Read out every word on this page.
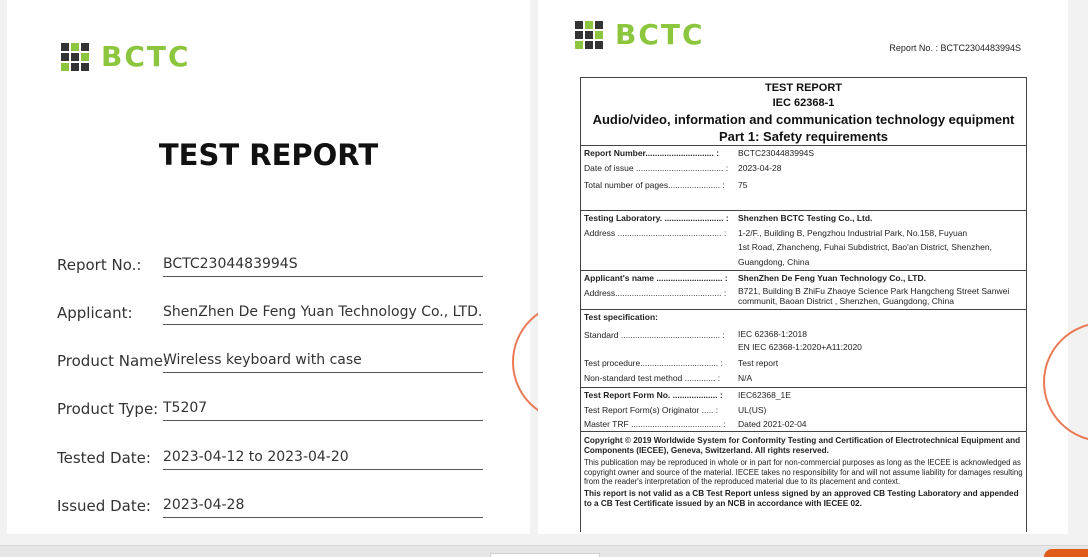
BCTC
TEST REPORT
Report No.: BCTC2304483994S
Applicant: ShenZhen De Feng Yuan Technology Co., LTD.
Product Name:
Wireless keyboard with case
Product Type: T5207
Tested Date: 2023-04-12 to 2023-04-20
Issued Date: 2023-04-28
BCTC	Report No. : BCTC2304483994S
TEST REPORT
IEC 62368-1
Audio/video, information and communication technology equipment
Part 1: Safety requirements
Report Number............................. : BCTC2304483994S
Date of issue ..................................... : 2023-04-28
Total number of pages...................... : 75
Testing Laboratory. ......................... : Shenzhen BCTC Testing Co., Ltd.
Address ............................................ : 1-2/F., Building B, Pengzhou Industrial Park, No.158, Fuyuan
1st Road, Zhancheng, Fuhai Subdistrict, Bao'an District, Shenzhen,
Guangdong, China
Applicant's name ............................ : ShenZhen De Feng Yuan Technology Co., LTD.
Address............................................. : B721, Building B ZhiFu Zhaoye Science Park Hangcheng Street Sanwei
communit, Baoan District , Shenzhen, Guangdong, China
Test specification:
Standard .......................................... : IEC 62368-1:2018
EN IEC 62368-1:2020+A11:2020
Test procedure................................. : Test report
Non-standard test method ............. : N/A
Test Report Form No. ................... : IEC62368_1E
Test Report Form(s) Originator ..... : UL(US)
Master TRF ...................................... : Dated 2021-02-04
Copyright © 2019 Worldwide System for Conformity Testing and Certification of Electrotechnical Equipment and Components (IECEE), Geneva, Switzerland. All rights reserved.
This publication may be reproduced in whole or in part for non-commercial purposes as long as the IECEE is acknowledged as copyright owner and source of the material. IECEE takes no responsibility for and will not assume liability for damages resulting from the reader's interpretation of the reproduced material due to its placement and context.
This report is not valid as a CB Test Report unless signed by an approved CB Testing Laboratory and appended to a CB Test Certificate issued by an NCB in accordance with IECEE 02.
